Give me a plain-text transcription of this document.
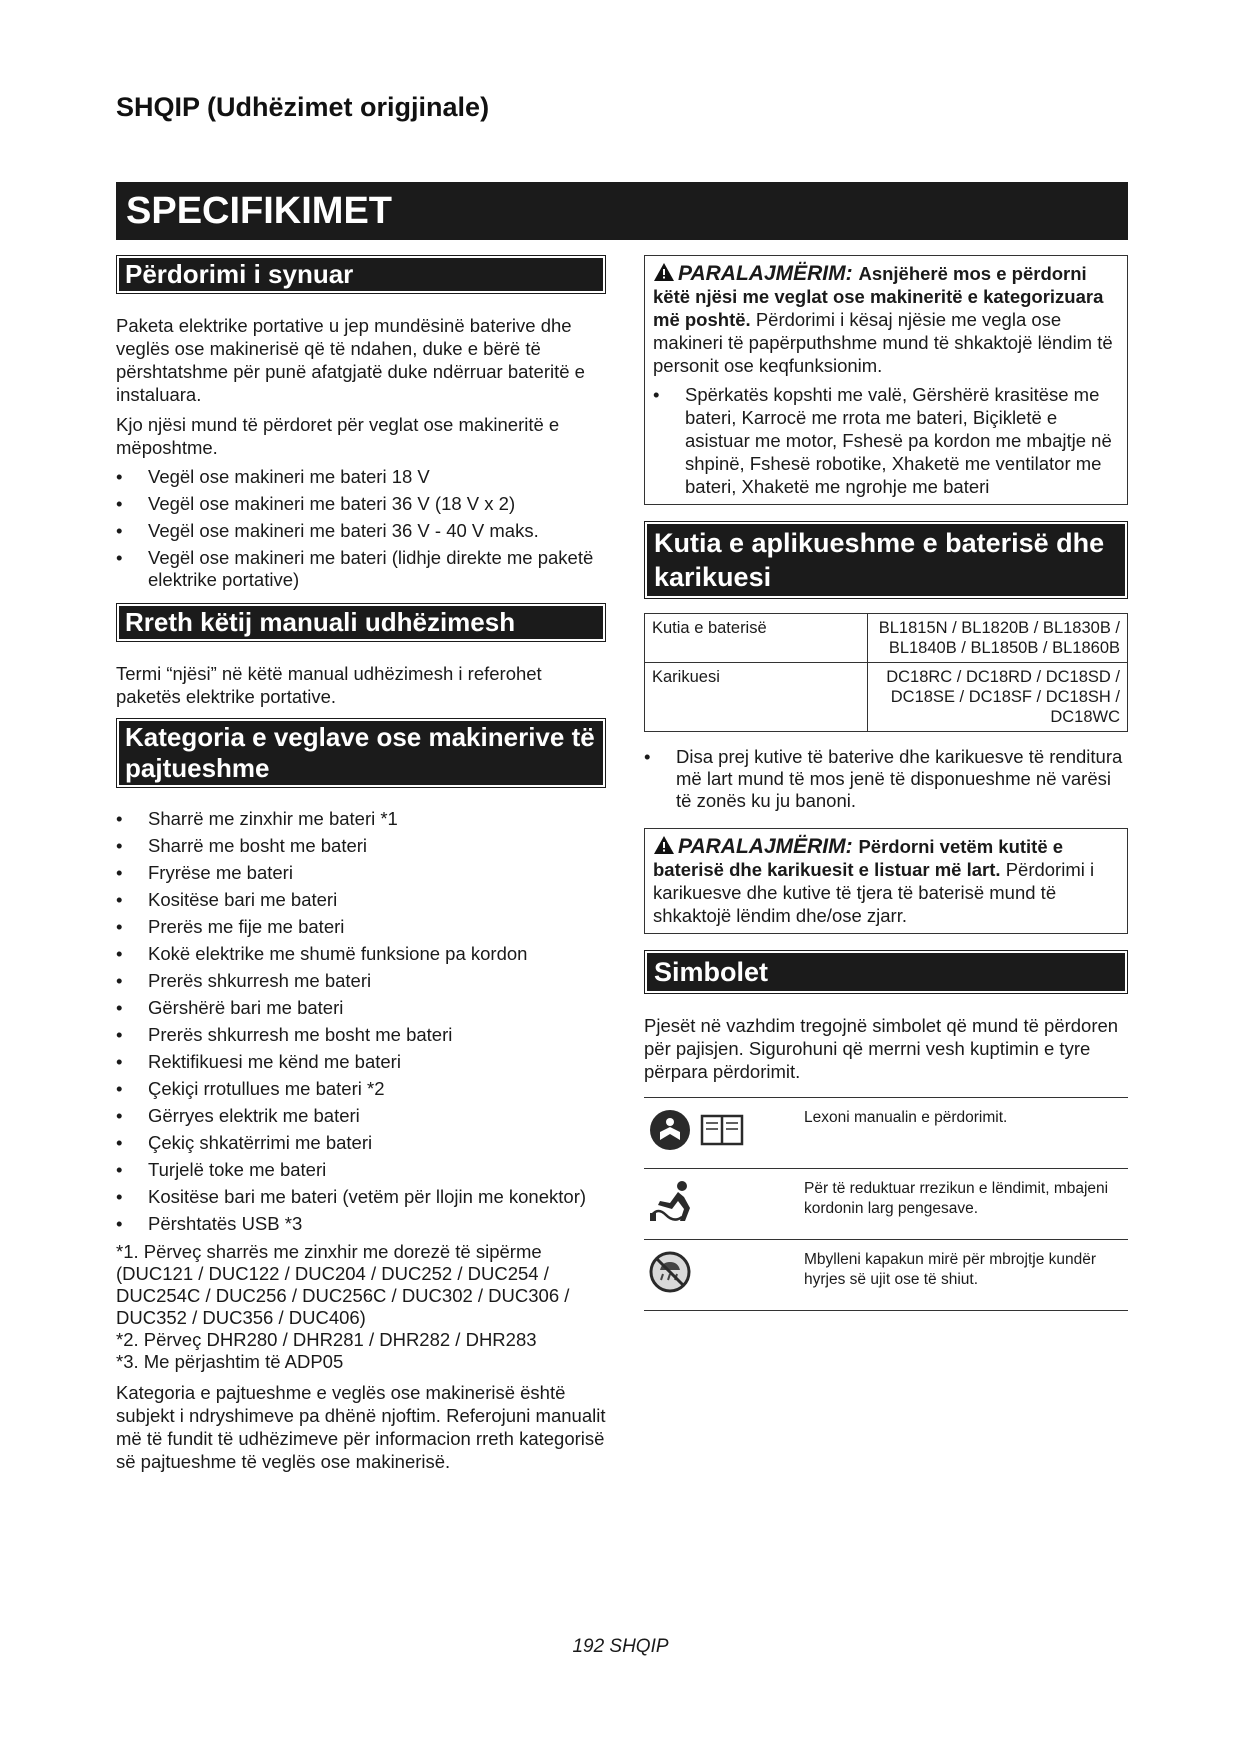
SHQIP (Udhëzimet origjinale)
SPECIFIKIMET
Përdorimi i synuar

Paketa elektrike portative u jep mundësinë baterive dhe veglës ose makinerisë që të ndahen, duke e bërë të përshtatshme për punë afatgjatë duke ndërruar bateritë e instaluara.

Kjo njësi mund të përdoret për veglat ose makineritë e mëposhtme.

• Vegël ose makineri me bateri 18 V
• Vegël ose makineri me bateri 36 V (18 V x 2)
• Vegël ose makineri me bateri 36 V - 40 V maks.
• Vegël ose makineri me bateri (lidhje direkte me paketë elektrike portative)
Rreth këtij manuali udhëzimesh

Termi “njësi” në këtë manual udhëzimesh i referohet paketës elektrike portative.

Kategoria e veglave ose makinerive të pajtueshme
• Sharrë me zinxhir me bateri *1
• Sharrë me bosht me bateri
• Fryrëse me bateri
• Kositëse bari me bateri
• Prerës me fije me bateri
• Kokë elektrike me shumë funksione pa kordon
• Prerës shkurresh me bateri
• Gërshërë bari me bateri
• Prerës shkurresh me bosht me bateri
• Rektifikuesi me kënd me bateri
• Çekiçi rrotullues me bateri *2
• Gërryes elektrik me bateri
• Çekiç shkatërrimi me bateri
• Turjelë toke me bateri
• Kositëse bari me bateri (vetëm për llojin me konektor)
• Përshtatës USB *3

*1. Përveç sharrës me zinxhir me dorezë të sipërme (DUC121 / DUC122 / DUC204 / DUC252 / DUC254 / DUC254C / DUC256 / DUC256C / DUC302 / DUC306 / DUC352 / DUC356 / DUC406)

*2. Përveç DHR280 / DHR281 / DHR282 / DHR283

*3. Me përjashtim të ADP05

Kategoria e pajtueshme e veglës ose makinerisë është subjekt i ndryshimeve pa dhënë njoftim. Referojuni manualit më të fundit të udhëzimeve për informacion rreth kategorisë së pajtueshme të veglës ose makinerisë.

PARALAJMËRIM: Asnjëherë mos e përdorni këtë njësi me veglat ose makineritë e kategorizuara më poshtë. Përdorimi i kësaj njësie me vegla ose makineri të papërputhshme mund të shkaktojë lëndim të personit ose keqfunksionim.
• Spërkatës kopshti me valë, Gërshërë krasitëse me bateri, Karrocë me rrota me bateri, Biçikletë e asistuar me motor, Fshesë pa kordon me mbajtje në shpinë, Fshesë robotike, Xhaketë me ventilator me bateri, Xhaketë me ngrohje me bateri
Kutia e aplikueshme e baterisë dhe karikuesi
Kutia e baterisë	BL1815N / BL1820B / BL1830B / BL1840B / BL1850B / BL1860B
Karikuesi	DC18RC / DC18RD / DC18SD / DC18SE / DC18SF / DC18SH / DC18WC
• Disa prej kutive të baterive dhe karikuesve të renditura më lart mund të mos jenë të disponueshme në varësi të zonës ku ju banoni.
PARALAJMËRIM: Përdorni vetëm kutitë e baterisë dhe karikuesit e listuar më lart. Përdorimi i karikuesve dhe kutive të tjera të baterisë mund të shkaktojë lëndim dhe/ose zjarr.
Simbolet

Pjesët në vazhdim tregojnë simbolet që mund të përdoren për pajisjen. Sigurohuni që merrni vesh kuptimin e tyre përpara përdorimit.

	Lexoni manualin e përdorimit.
	Për të reduktuar rrezikun e lëndimit, mbajeni kordonin larg pengesave.
	Mbylleni kapakun mirë për mbrojtje kundër hyrjes së ujit ose të shiut.
192 SHQIP
